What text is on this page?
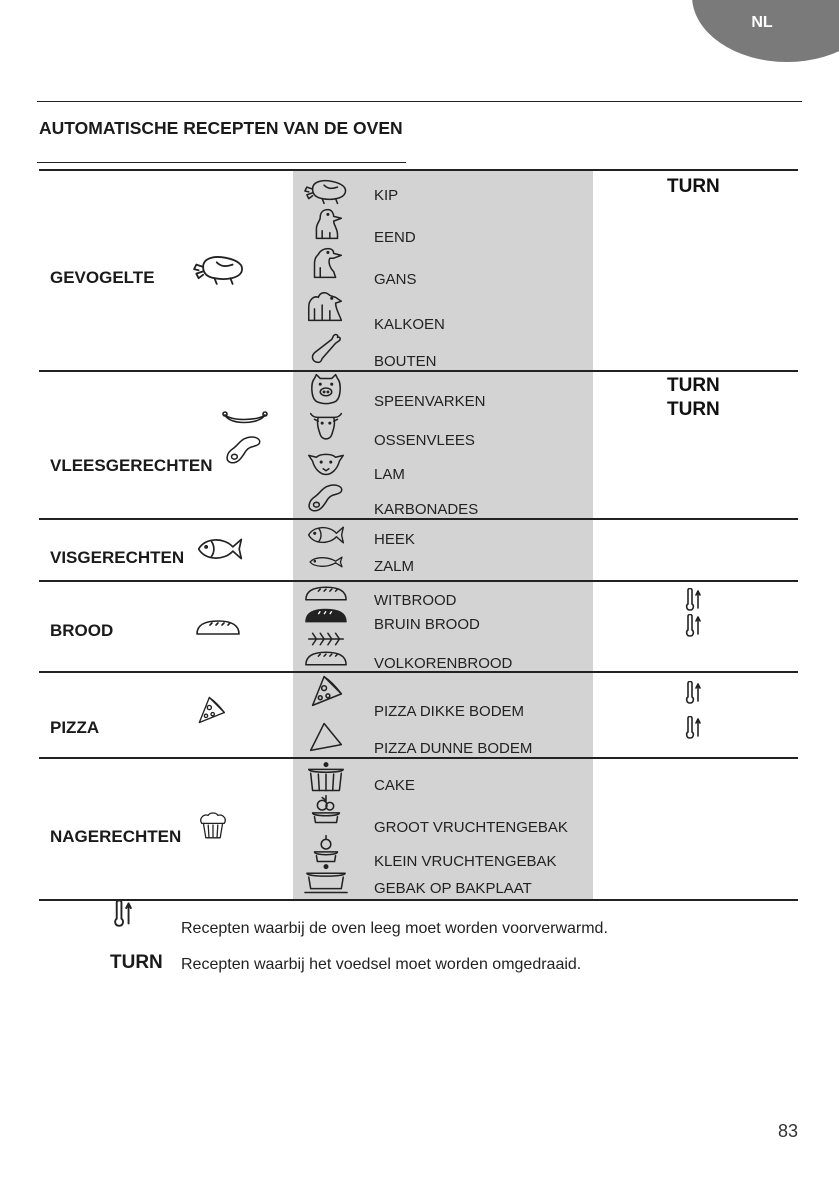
NL
AUTOMATISCHE RECEPTEN VAN DE OVEN
GEVOGELTE
KIP	TURN
EEND
GANS
KALKOEN
BOUTEN
VLEESGERECHTEN
SPEENVARKEN
TURN
OSSENVLEES
TURN
LAM
KARBONADES
VISGERECHTEN
HEEK
ZALM
BROOD
WITBROOD
BRUIN BROOD
VOLKORENBROOD
PIZZA
PIZZA DIKKE BODEM
PIZZA DUNNE BODEM
NAGERECHTEN
CAKE
GROOT VRUCHTENGEBAK
KLEIN VRUCHTENGEBAK
GEBAK OP BAKPLAAT
Recepten waarbij de oven leeg moet worden voorverwarmd.
TURN Recepten waarbij het voedsel moet worden omgedraaid.
83
